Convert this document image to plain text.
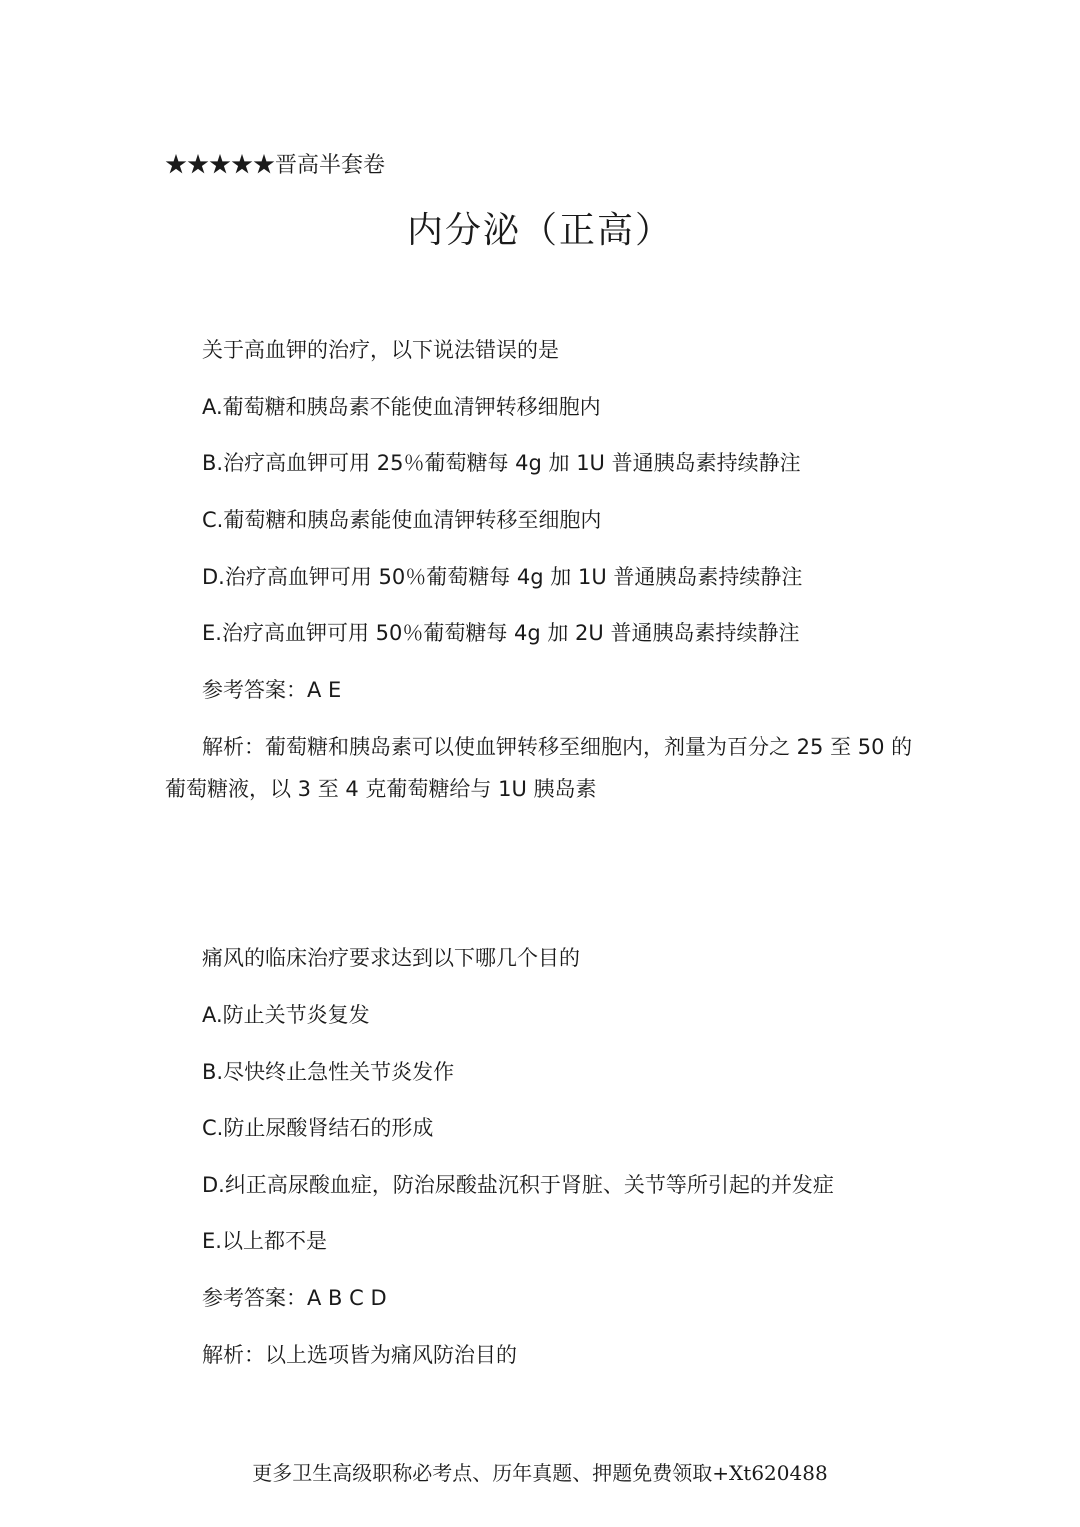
★★★★★晋高半套卷
内分泌（正高）
关于高血钾的治疗，以下说法错误的是
A.葡萄糖和胰岛素不能使血清钾转移细胞内
B.治疗高血钾可用 25％葡萄糖每 4g 加 1U 普通胰岛素持续静注
C.葡萄糖和胰岛素能使血清钾转移至细胞内
D.治疗高血钾可用 50％葡萄糖每 4g 加 1U 普通胰岛素持续静注
E.治疗高血钾可用 50％葡萄糖每 4g 加 2U 普通胰岛素持续静注
参考答案：A E
解析：葡萄糖和胰岛素可以使血钾转移至细胞内，剂量为百分之 25 至 50 的
葡萄糖液，以 3 至 4 克葡萄糖给与 1U 胰岛素
痛风的临床治疗要求达到以下哪几个目的
A.防止关节炎复发
B.尽快终止急性关节炎发作
C.防止尿酸肾结石的形成
D.纠正高尿酸血症，防治尿酸盐沉积于肾脏、关节等所引起的并发症
E.以上都不是
参考答案：A B C D
解析：以上选项皆为痛风防治目的
更多卫生高级职称必考点、历年真题、押题免费领取+Xt620488
